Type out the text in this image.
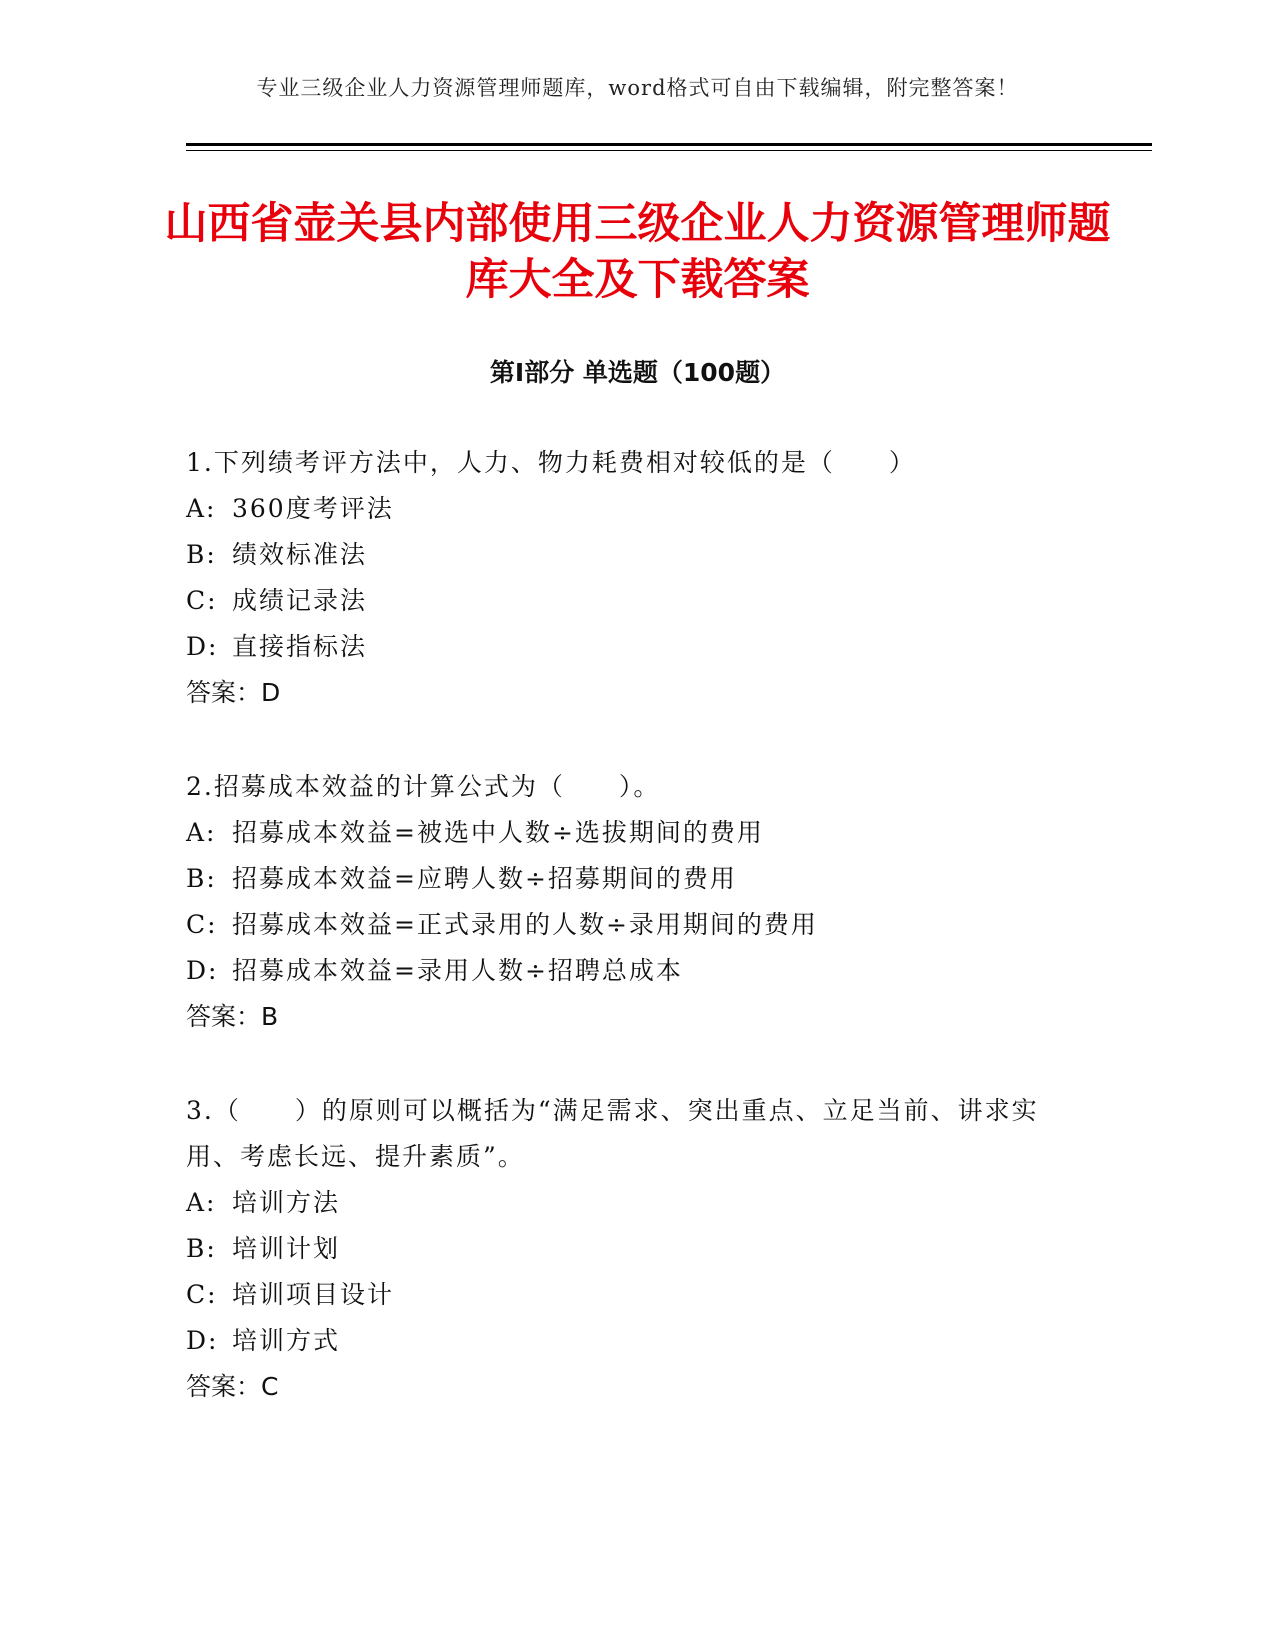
专业三级企业人力资源管理师题库，word格式可自由下载编辑，附完整答案！
山西省壶关县内部使用三级企业人力资源管理师题库大全及下载答案
第Ⅰ部分 单选题（100题）
1.下列绩考评方法中，人力、物力耗费相对较低的是（　　）
A: 360度考评法
B: 绩效标准法
C: 成绩记录法
D: 直接指标法
答案：D
2.招募成本效益的计算公式为（　　）。
A: 招募成本效益=被选中人数÷选拔期间的费用
B: 招募成本效益=应聘人数÷招募期间的费用
C: 招募成本效益=正式录用的人数÷录用期间的费用
D: 招募成本效益=录用人数÷招聘总成本
答案：B
3.（　　）的原则可以概括为“满足需求、突出重点、立足当前、讲求实用、考虑长远、提升素质”。
A: 培训方法
B: 培训计划
C: 培训项目设计
D: 培训方式
答案：C
